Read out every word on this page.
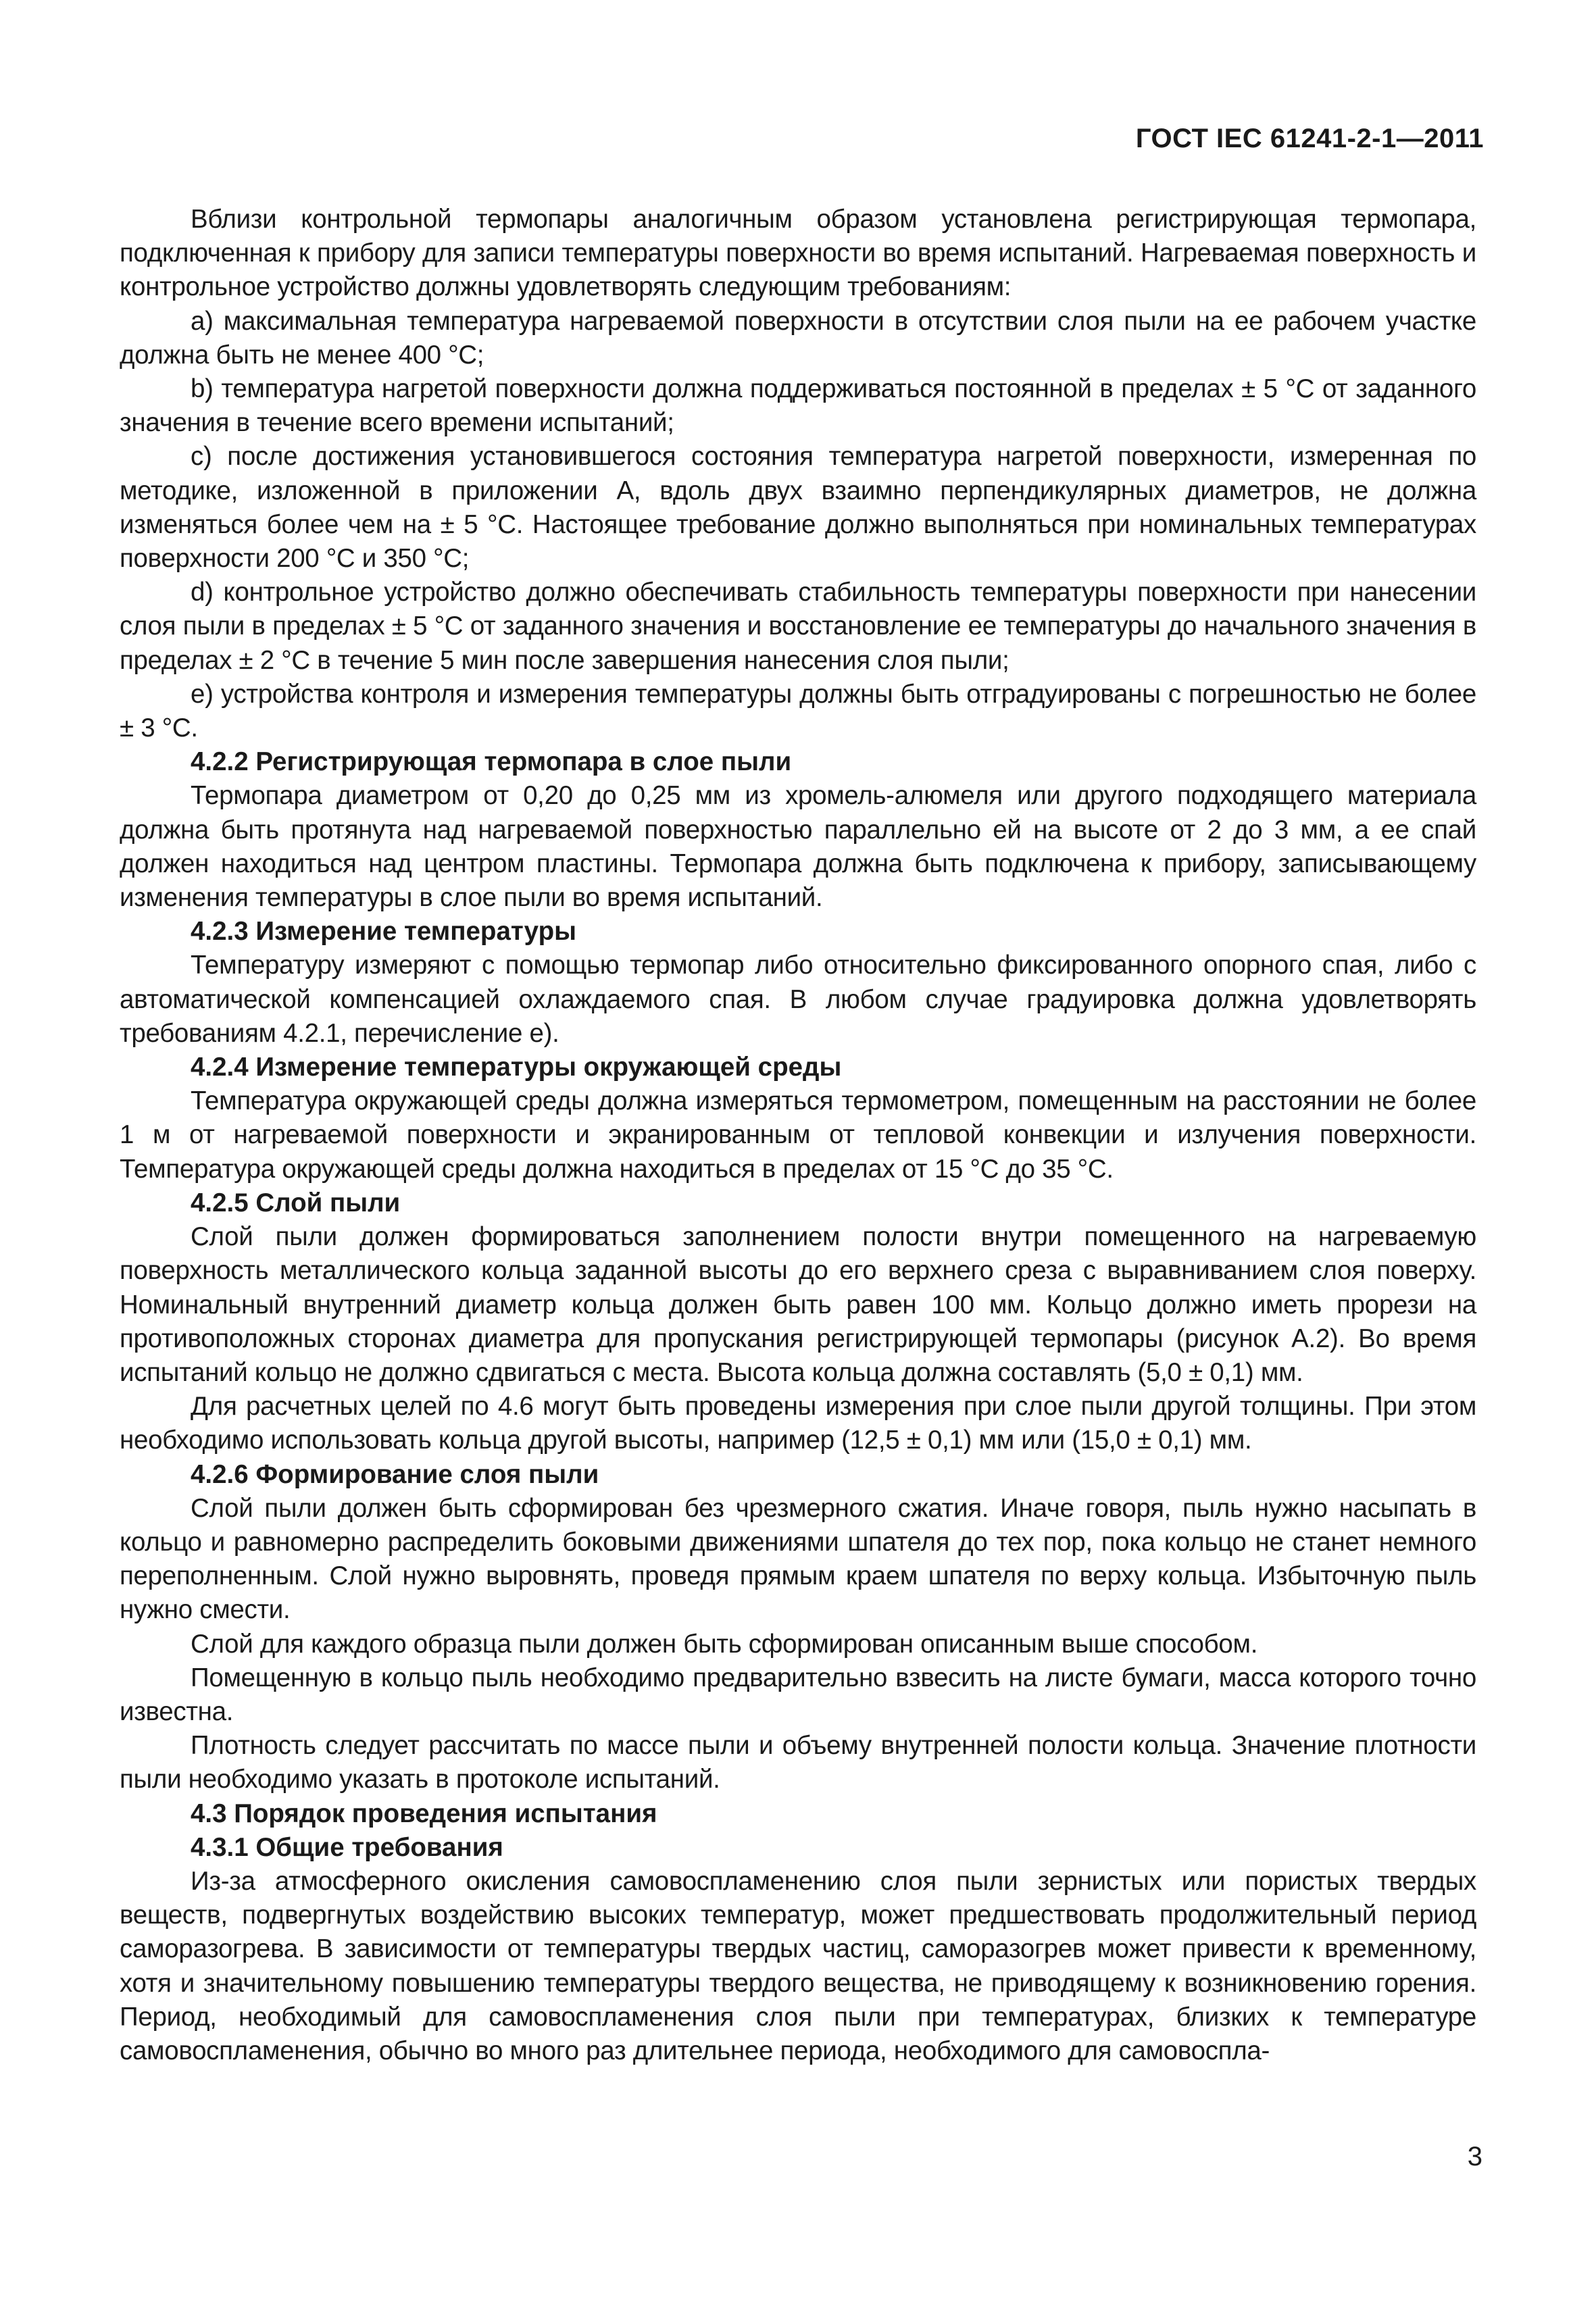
ГОСТ IEC 61241-2-1—2011

Вблизи контрольной термопары аналогичным образом установлена регистрирующая термопара, подключенная к прибору для записи температуры поверхности во время испытаний. Нагреваемая поверхность и контрольное устройство должны удовлетворять следующим требованиям:

а) максимальная температура нагреваемой поверхности в отсутствии слоя пыли на ее рабочем участке должна быть не менее 400 °C;

b) температура нагретой поверхности должна поддерживаться постоянной в пределах ± 5 °C от заданного значения в течение всего времени испытаний;

c) после достижения установившегося состояния температура нагретой поверхности, измеренная по методике, изложенной в приложении А, вдоль двух взаимно перпендикулярных диаметров, не должна изменяться более чем на ± 5 °C. Настоящее требование должно выполняться при номинальных температурах поверхности 200 °C и 350 °C;

d) контрольное устройство должно обеспечивать стабильность температуры поверхности при нанесении слоя пыли в пределах ± 5 °C от заданного значения и восстановление ее температуры до начального значения в пределах ± 2 °C в течение 5 мин после завершения нанесения слоя пыли;

e) устройства контроля и измерения температуры должны быть отградуированы с погрешностью не более ± 3 °C.

4.2.2 Регистрирующая термопара в слое пыли

Термопара диаметром от 0,20 до 0,25 мм из хромель-алюмеля или другого подходящего материала должна быть протянута над нагреваемой поверхностью параллельно ей на высоте от 2 до 3 мм, а ее спай должен находиться над центром пластины. Термопара должна быть подключена к прибору, записывающему изменения температуры в слое пыли во время испытаний.

4.2.3 Измерение температуры

Температуру измеряют с помощью термопар либо относительно фиксированного опорного спая, либо с автоматической компенсацией охлаждаемого спая. В любом случае градуировка должна удовлетворять требованиям 4.2.1, перечисление е).

4.2.4 Измерение температуры окружающей среды

Температура окружающей среды должна измеряться термометром, помещенным на расстоянии не более 1 м от нагреваемой поверхности и экранированным от тепловой конвекции и излучения поверхности. Температура окружающей среды должна находиться в пределах от 15 °C до 35 °C.

4.2.5 Слой пыли

Слой пыли должен формироваться заполнением полости внутри помещенного на нагреваемую поверхность металлического кольца заданной высоты до его верхнего среза с выравниванием слоя поверху. Номинальный внутренний диаметр кольца должен быть равен 100 мм. Кольцо должно иметь прорези на противоположных сторонах диаметра для пропускания регистрирующей термопары (рисунок А.2). Во время испытаний кольцо не должно сдвигаться с места. Высота кольца должна составлять (5,0 ± 0,1) мм.

Для расчетных целей по 4.6 могут быть проведены измерения при слое пыли другой толщины. При этом необходимо использовать кольца другой высоты, например (12,5 ± 0,1) мм или (15,0 ± 0,1) мм.

4.2.6 Формирование слоя пыли

Слой пыли должен быть сформирован без чрезмерного сжатия. Иначе говоря, пыль нужно насыпать в кольцо и равномерно распределить боковыми движениями шпателя до тех пор, пока кольцо не станет немного переполненным. Слой нужно выровнять, проведя прямым краем шпателя по верху кольца. Избыточную пыль нужно смести.

Слой для каждого образца пыли должен быть сформирован описанным выше способом.

Помещенную в кольцо пыль необходимо предварительно взвесить на листе бумаги, масса которого точно известна.

Плотность следует рассчитать по массе пыли и объему внутренней полости кольца. Значение плотности пыли необходимо указать в протоколе испытаний.

4.3 Порядок проведения испытания

4.3.1 Общие требования

Из-за атмосферного окисления самовоспламенению слоя пыли зернистых или пористых твердых веществ, подвергнутых воздействию высоких температур, может предшествовать продолжительный период саморазогрева. В зависимости от температуры твердых частиц, саморазогрев может привести к временному, хотя и значительному повышению температуры твердого вещества, не приводящему к возникновению горения. Период, необходимый для самовоспламенения слоя пыли при температурах, близких к температуре самовоспламенения, обычно во много раз длительнее периода, необходимого для самовоспла-

3
